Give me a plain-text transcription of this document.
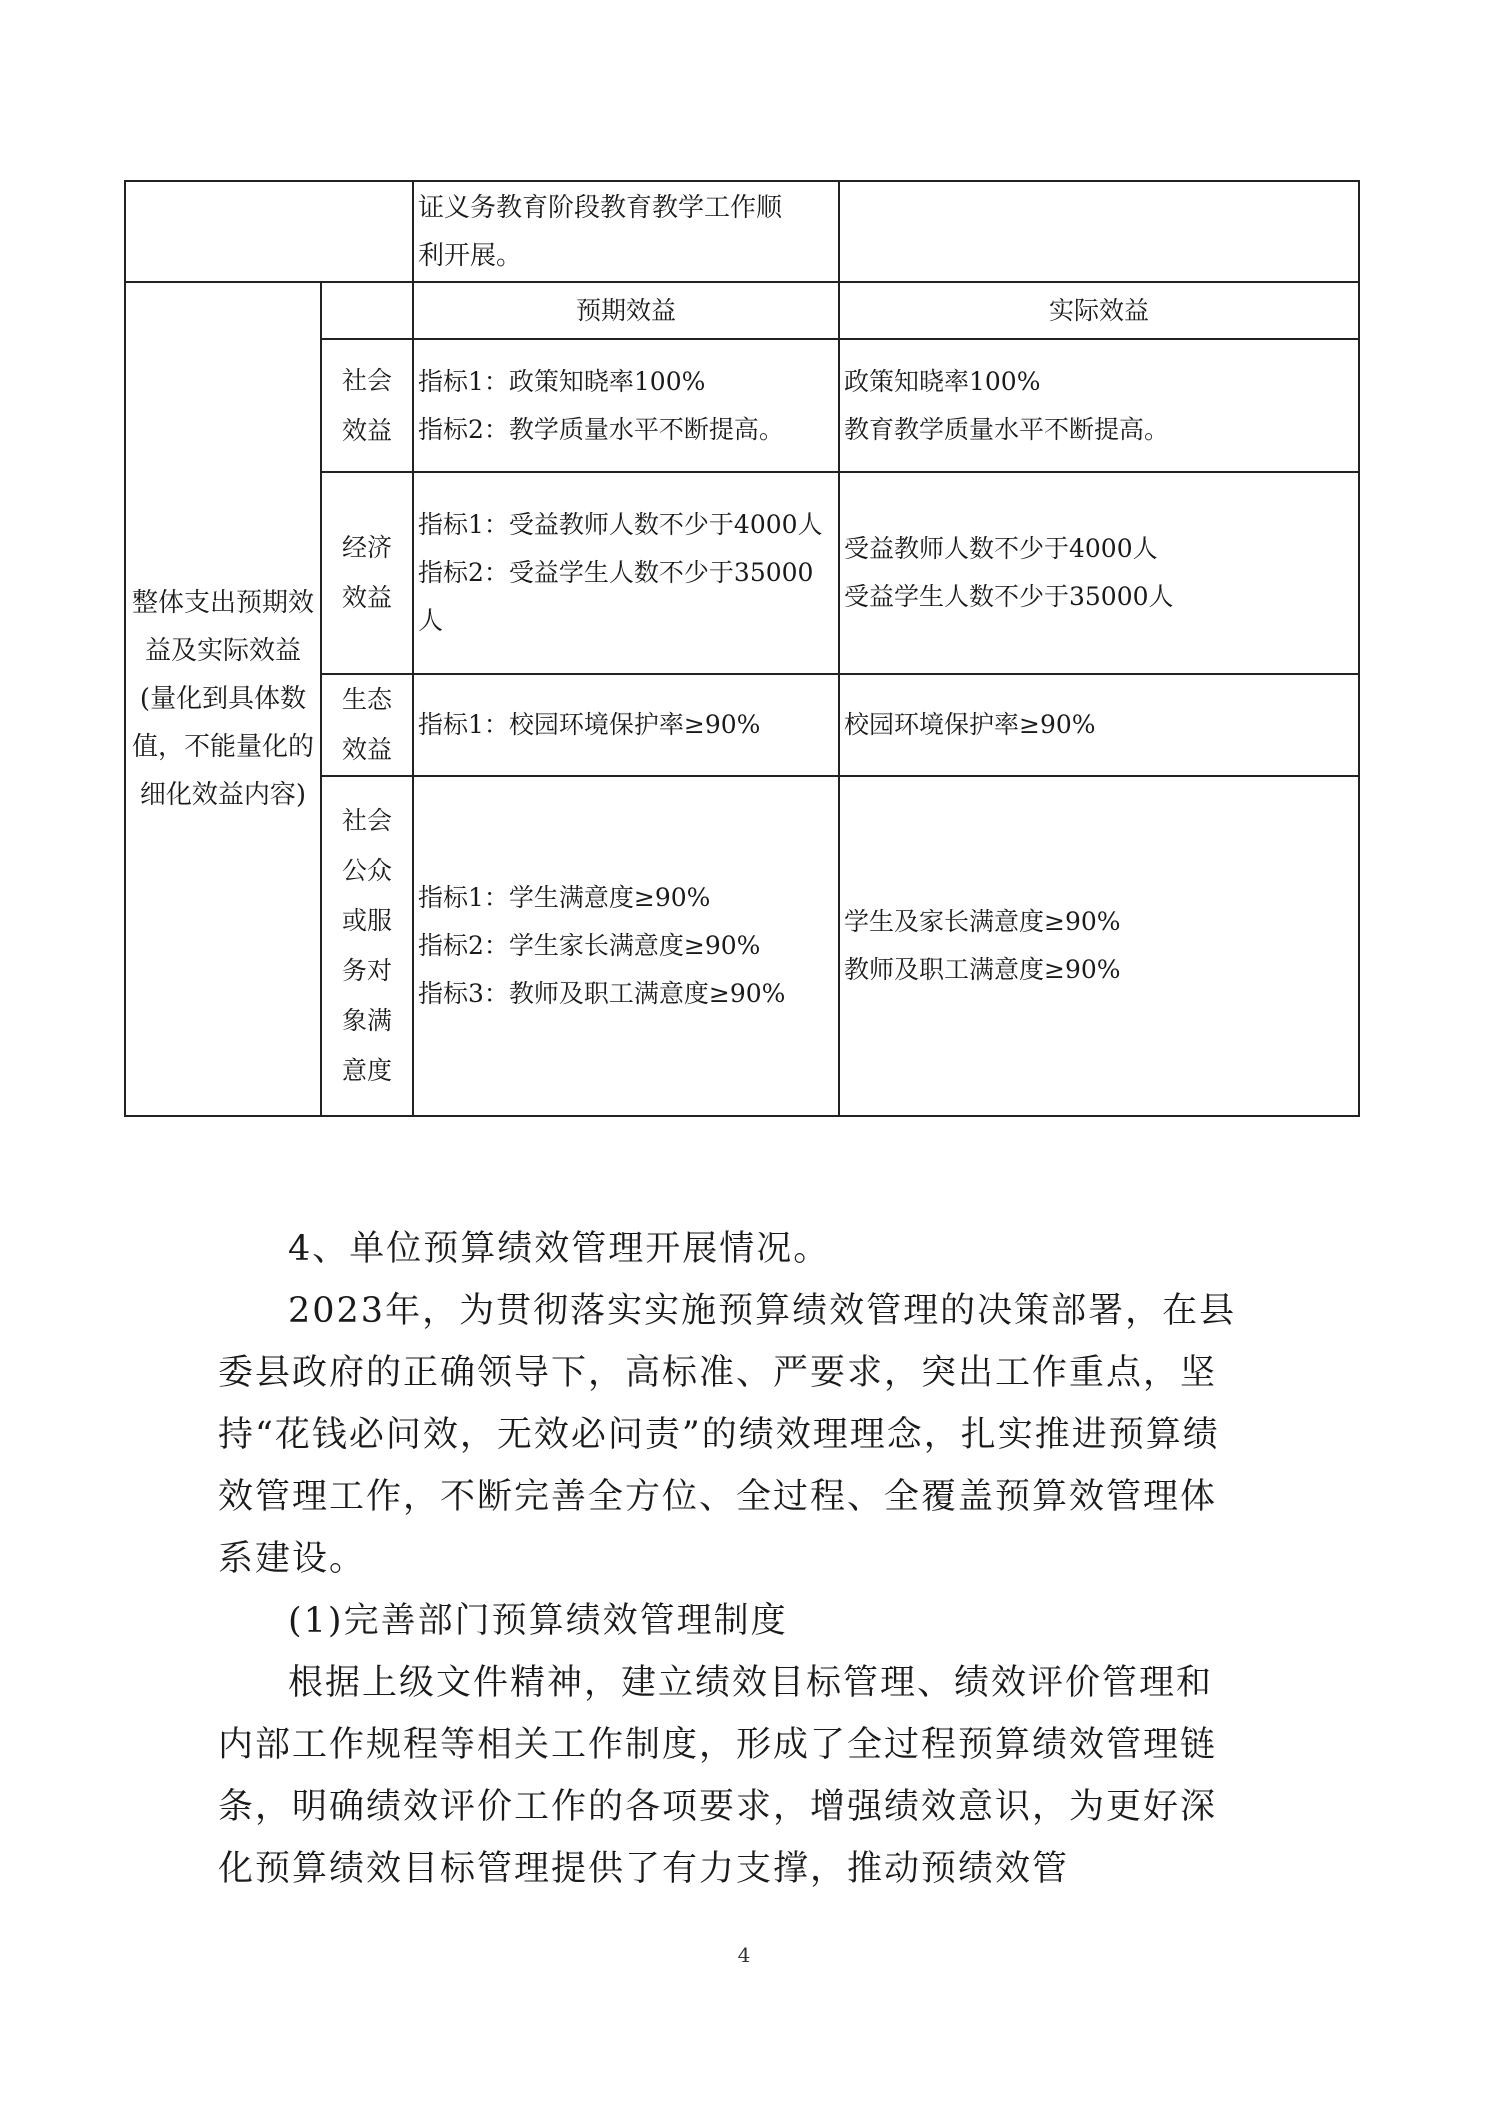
		证义务教育阶段教育教学工作顺
利开展。	

整体支出预期效益及实际效益(量化到具体数值，不能量化的细化效益内容)		预期效益	实际效益

	社会效益	指标1：政策知晓率100%
指标2：教学质量水平不断提高。	政策知晓率100%
教育教学质量水平不断提高。

	经济效益	指标1：受益教师人数不少于4000人
指标2：受益学生人数不少于35000人	受益教师人数不少于4000人
受益学生人数不少于35000人

	生态效益	指标1：校园环境保护率≥90%	校园环境保护率≥90%

	社会公众或服务对象满意度	指标1：学生满意度≥90%
指标2：学生家长满意度≥90%
指标3：教师及职工满意度≥90%	学生及家长满意度≥90%
教师及职工满意度≥90%

4、单位预算绩效管理开展情况。

2023年，为贯彻落实实施预算绩效管理的决策部署，在县委县政府的正确领导下，高标准、严要求，突出工作重点，坚持“花钱必问效，无效必问责”的绩效理理念，扎实推进预算绩效管理工作，不断完善全方位、全过程、全覆盖预算效管理体系建设。

(1)完善部门预算绩效管理制度

根据上级文件精神，建立绩效目标管理、绩效评价管理和内部工作规程等相关工作制度，形成了全过程预算绩效管理链条，明确绩效评价工作的各项要求，增强绩效意识，为更好深化预算绩效目标管理提供了有力支撑，推动预绩效管

4
